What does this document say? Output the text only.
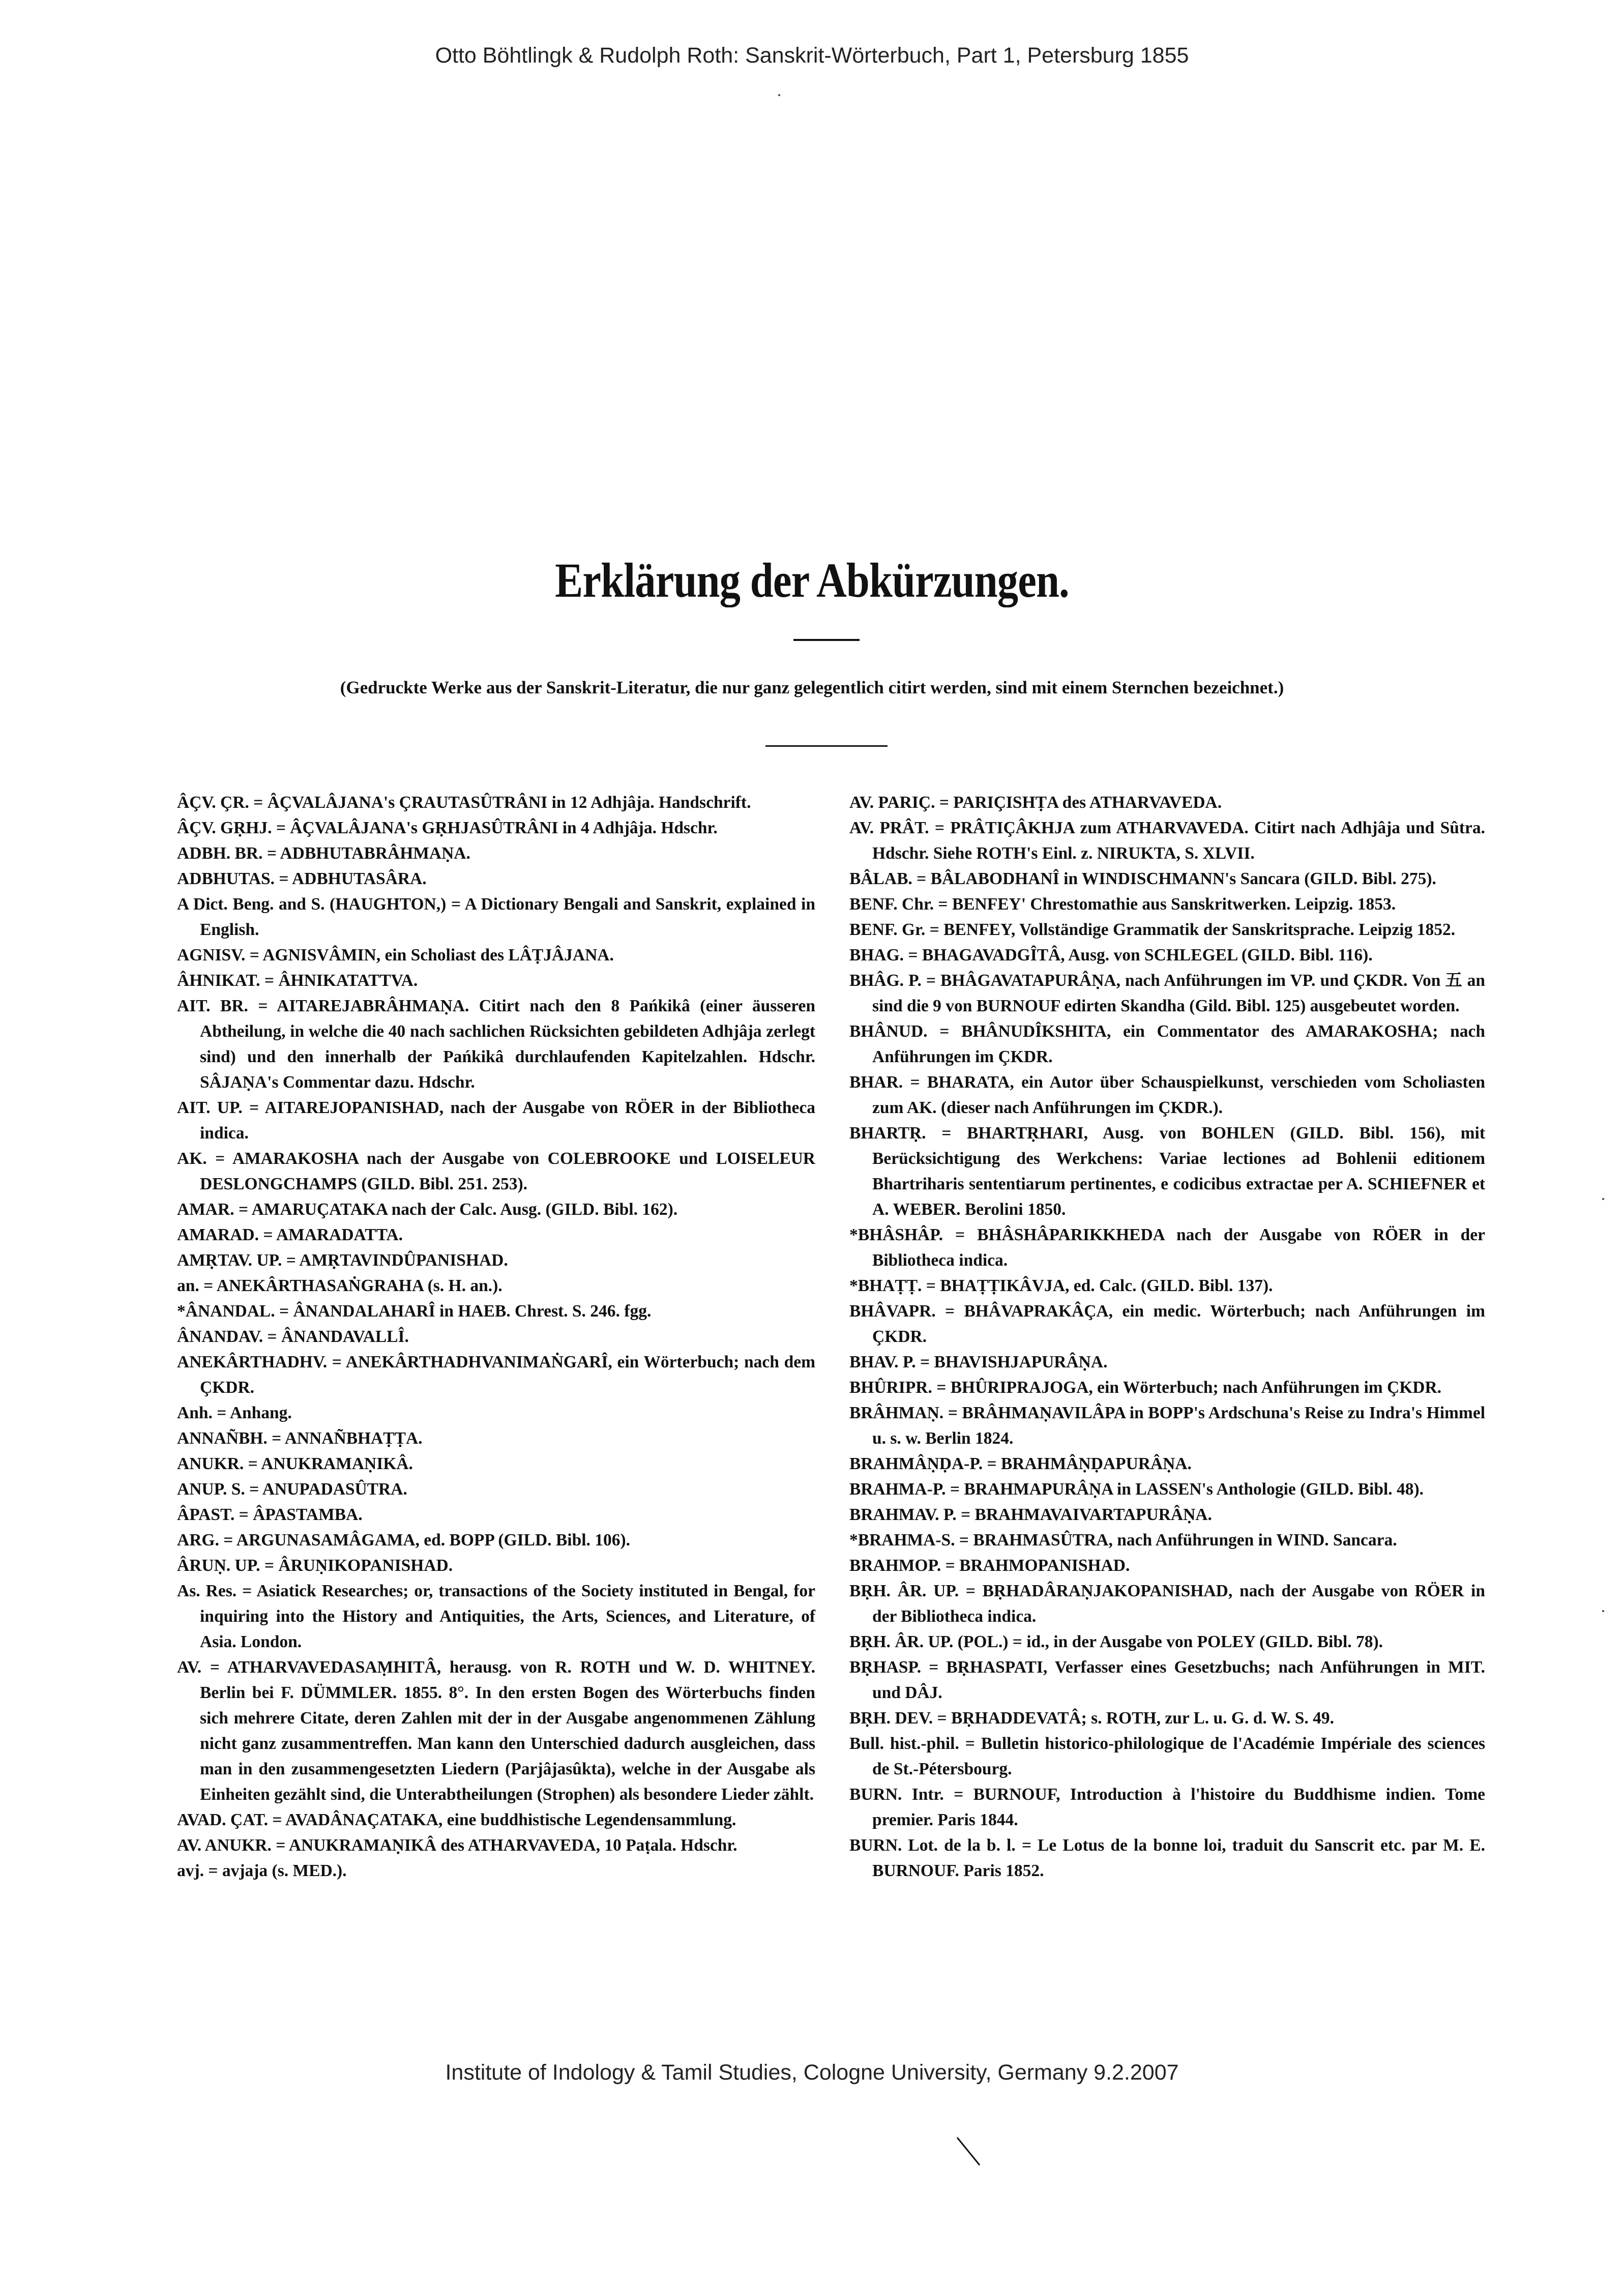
Otto Böhtlingk & Rudolph Roth: Sanskrit-Wörterbuch, Part 1, Petersburg 1855
Erklärung der Abkürzungen.
(Gedruckte Werke aus der Sanskrit-Literatur, die nur ganz gelegentlich citirt werden, sind mit einem Sternchen bezeichnet.)

ÂÇV. ÇR. = ÂÇVALÂJANA's ÇRAUTASÛTRÂNI in 12 Adhjâja. Handschrift.

ÂÇV. GṚHJ. = ÂÇVALÂJANA's GṚHJASÛTRÂNI in 4 Adhjâja. Hdschr.

ADBH. BR. = ADBHUTABRÂHMAṆA.

ADBHUTAS. = ADBHUTASÂRA.

A Dict. Beng. and S. (HAUGHTON,) = A Dictionary Bengali and Sanskrit, explained in English.

AGNISV. = AGNISVÂMIN, ein Scholiast des LÂṬJÂJANA.

ÂHNIKAT. = ÂHNIKATATTVA.

AIT. BR. = AITAREJABRÂHMAṆA. Citirt nach den 8 Pańkikâ (einer äusseren Abtheilung, in welche die 40 nach sachlichen Rücksichten gebildeten Adhjâja zerlegt sind) und den innerhalb der Pańkikâ durchlaufenden Kapitelzahlen. Hdschr. SÂJAṆA's Commentar dazu. Hdschr.

AIT. UP. = AITAREJOPANISHAD, nach der Ausgabe von RÖER in der Bibliotheca indica.

AK. = AMARAKOSHA nach der Ausgabe von COLEBROOKE und LOISELEUR DESLONGCHAMPS (GILD. Bibl. 251. 253).

AMAR. = AMARUÇATAKA nach der Calc. Ausg. (GILD. Bibl. 162).

AMARAD. = AMARADATTA.

AMṚTAV. UP. = AMṚTAVINDÛPANISHAD.

an. = ANEKÂRTHASAṄGRAHA (s. H. an.).

*ÂNANDAL. = ÂNANDALAHARÎ in HAEB. Chrest. S. 246. fgg.

ÂNANDAV. = ÂNANDAVALLÎ.

ANEKÂRTHADHV. = ANEKÂRTHADHVANIMAṄGARÎ, ein Wörterbuch; nach dem ÇKDR.

Anh. = Anhang.

ANNAÑBH. = ANNAÑBHAṬṬA.

ANUKR. = ANUKRAMAṆIKÂ.

ANUP. S. = ANUPADASÛTRA.

ÂPAST. = ÂPASTAMBA.

ARG. = ARGUNASAMÂGAMA, ed. BOPP (GILD. Bibl. 106).

ÂRUṆ. UP. = ÂRUṆIKOPANISHAD.

As. Res. = Asiatick Researches; or, transactions of the Society instituted in Bengal, for inquiring into the History and Antiquities, the Arts, Sciences, and Literature, of Asia. London.

AV. = ATHARVAVEDASAṂHITÂ, herausg. von R. ROTH und W. D. WHITNEY. Berlin bei F. DÜMMLER. 1855. 8°. In den ersten Bogen des Wörterbuchs finden sich mehrere Citate, deren Zahlen mit der in der Ausgabe angenommenen Zählung nicht ganz zusammentreffen. Man kann den Unterschied dadurch ausgleichen, dass man in den zusammengesetzten Liedern (Parjâjasûkta), welche in der Ausgabe als Einheiten gezählt sind, die Unterabtheilungen (Strophen) als besondere Lieder zählt.

AVAD. ÇAT. = AVADÂNAÇATAKA, eine buddhistische Legendensammlung.

AV. ANUKR. = ANUKRAMAṆIKÂ des ATHARVAVEDA, 10 Paṭala. Hdschr.

avj. = avjaja (s. MED.).

AV. PARIÇ. = PARIÇISHṬA des ATHARVAVEDA.

AV. PRÂT. = PRÂTIÇÂKHJA zum ATHARVAVEDA. Citirt nach Adhjâja und Sûtra. Hdschr. Siehe ROTH's Einl. z. NIRUKTA, S. XLVII.

BÂLAB. = BÂLABODHANÎ in WINDISCHMANN's Sancara (GILD. Bibl. 275).

BENF. Chr. = BENFEY' Chrestomathie aus Sanskritwerken. Leipzig. 1853.

BENF. Gr. = BENFEY, Vollständige Grammatik der Sanskritsprache. Leipzig 1852.

BHAG. = BHAGAVADGÎTÂ, Ausg. von SCHLEGEL (GILD. Bibl. 116).

BHÂG. P. = BHÂGAVATAPURÂṆA, nach Anführungen im VP. und ÇKDR. Von 五 an sind die 9 von BURNOUF edirten Skandha (Gild. Bibl. 125) ausgebeutet worden.

BHÂNUD. = BHÂNUDÎKSHITA, ein Commentator des AMARAKOSHA; nach Anführungen im ÇKDR.

BHAR. = BHARATA, ein Autor über Schauspielkunst, verschieden vom Scholiasten zum AK. (dieser nach Anführungen im ÇKDR.).

BHARTṚ. = BHARTṚHARI, Ausg. von BOHLEN (GILD. Bibl. 156), mit Berücksichtigung des Werkchens: Variae lectiones ad Bohlenii editionem Bhartriharis sententiarum pertinentes, e codicibus extractae per A. SCHIEFNER et A. WEBER. Berolini 1850.

*BHÂSHÂP. = BHÂSHÂPARIKKHEDA nach der Ausgabe von RÖER in der Bibliotheca indica.

*BHAṬṬ. = BHAṬṬIKÂVJA, ed. Calc. (GILD. Bibl. 137).

BHÂVAPR. = BHÂVAPRAKÂÇA, ein medic. Wörterbuch; nach Anführungen im ÇKDR.

BHAV. P. = BHAVISHJAPURÂṆA.

BHÛRIPR. = BHÛRIPRAJOGA, ein Wörterbuch; nach Anführungen im ÇKDR.

BRÂHMAṆ. = BRÂHMAṆAVILÂPA in BOPP's Ardschuna's Reise zu Indra's Himmel u. s. w. Berlin 1824.

BRAHMÂṆḌA-P. = BRAHMÂṆḌAPURÂṆA.

BRAHMA-P. = BRAHMAPURÂṆA in LASSEN's Anthologie (GILD. Bibl. 48).

BRAHMAV. P. = BRAHMAVAIVARTAPURÂṆA.

*BRAHMA-S. = BRAHMASÛTRA, nach Anführungen in WIND. Sancara.

BRAHMOP. = BRAHMOPANISHAD.

BṚH. ÂR. UP. = BṚHADÂRAṆJAKOPANISHAD, nach der Ausgabe von RÖER in der Bibliotheca indica.

BṚH. ÂR. UP. (POL.) = id., in der Ausgabe von POLEY (GILD. Bibl. 78).

BṚHASP. = BṚHASPATI, Verfasser eines Gesetzbuchs; nach Anführungen in MIT. und DÂJ.

BṚH. DEV. = BṚHADDEVATÂ; s. ROTH, zur L. u. G. d. W. S. 49.

Bull. hist.-phil. = Bulletin historico-philologique de l'Académie Impériale des sciences de St.-Pétersbourg.

BURN. Intr. = BURNOUF, Introduction à l'histoire du Buddhisme indien. Tome premier. Paris 1844.

BURN. Lot. de la b. l. = Le Lotus de la bonne loi, traduit du Sanscrit etc. par M. E. BURNOUF. Paris 1852.

Institute of Indology & Tamil Studies, Cologne University, Germany 9.2.2007
